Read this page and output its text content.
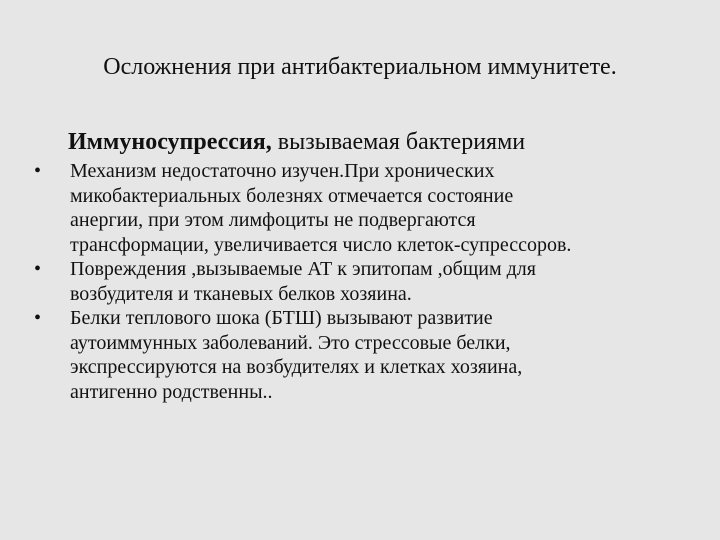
Осложнения при антибактериальном иммунитете.

Иммуносупрессия, вызываемая бактериями

• Механизм недостаточно изучен.При хронических
микобактериальных болезнях отмечается состояние
анергии, при этом лимфоциты не подвергаются
трансформации, увеличивается число клеток-супрессоров.
• Повреждения ,вызываемые АТ к эпитопам ,общим для
возбудителя и тканевых белков хозяина.
• Белки теплового шока (БТШ) вызывают развитие
аутоиммунных заболеваний. Это стрессовые белки,
экспрессируются на возбудителях и клетках хозяина,
антигенно родственны..
